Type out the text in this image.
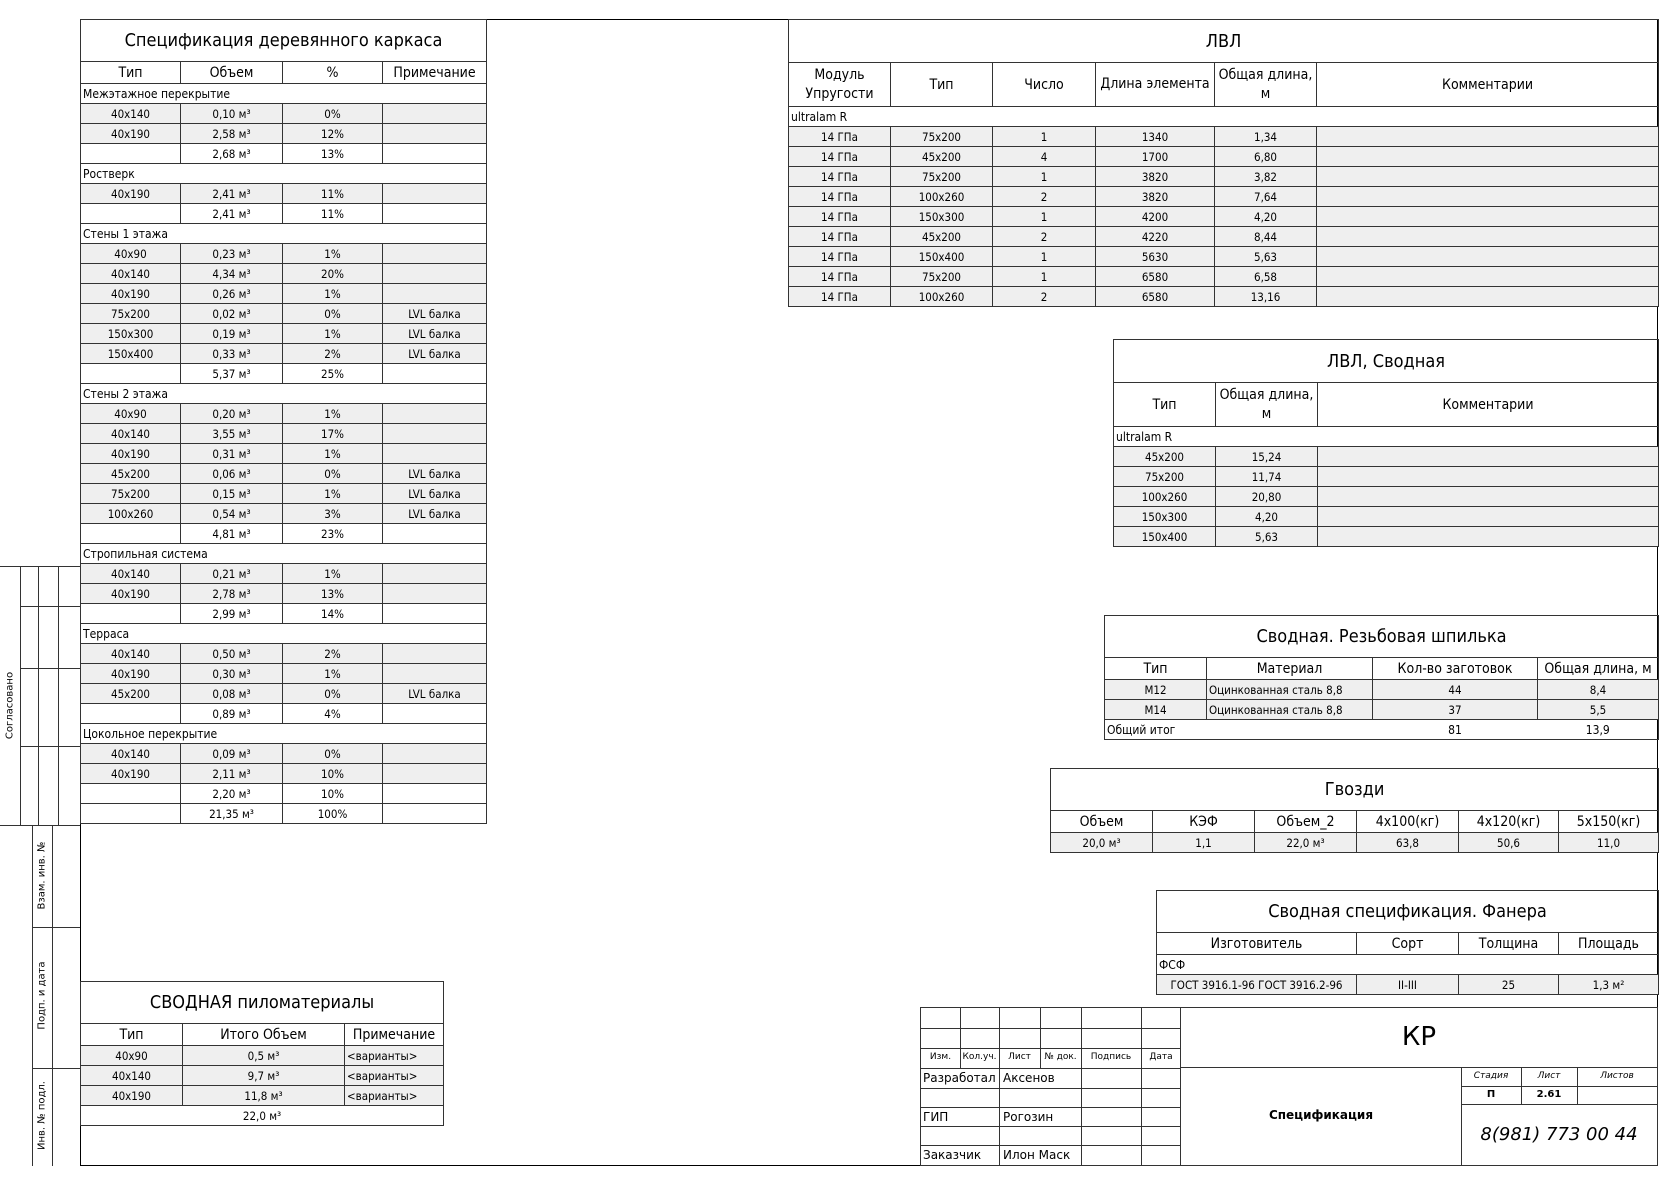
Согласовано
Взам. инв. №
Подп. и дата
Инв. № подл.
Спецификация деревянного каркаса			
Тип	Объем	%	Примечание
Межэтажное перекрытие			
40х140	0,10 м³	0%	
40х190	2,58 м³	12%	
	2,68 м³	13%	
Ростверк			
40х190	2,41 м³	11%	
	2,41 м³	11%	
Стены 1 этажа			
40х90	0,23 м³	1%	
40х140	4,34 м³	20%	
40х190	0,26 м³	1%	
75х200	0,02 м³	0%	LVL балка
150х300	0,19 м³	1%	LVL балка
150х400	0,33 м³	2%	LVL балка
	5,37 м³	25%	
Стены 2 этажа			
40х90	0,20 м³	1%	
40х140	3,55 м³	17%	
40х190	0,31 м³	1%	
45х200	0,06 м³	0%	LVL балка
75х200	0,15 м³	1%	LVL балка
100х260	0,54 м³	3%	LVL балка
	4,81 м³	23%	
Стропильная система			
40х140	0,21 м³	1%	
40х190	2,78 м³	13%	
	2,99 м³	14%	
Терраса			
40х140	0,50 м³	2%	
40х190	0,30 м³	1%	
45х200	0,08 м³	0%	LVL балка
	0,89 м³	4%	
Цокольное перекрытие			
40х140	0,09 м³	0%	
40х190	2,11 м³	10%	
	2,20 м³	10%	
	21,35 м³	100%	
СВОДНАЯ пиломатериалы		
Тип	Итого Объем	Примечание
40х90	0,5 м³	<варианты>
40х140	9,7 м³	<варианты>
40х190	11,8 м³	<варианты>
22,0 м³		
ЛВЛ					
Модуль Упругости	Тип	Число	Длина элемента	Общая длина, м	Комментарии
ultralam R					
14 ГПа	75х200	1	1340	1,34	
14 ГПа	45х200	4	1700	6,80	
14 ГПа	75х200	1	3820	3,82	
14 ГПа	100х260	2	3820	7,64	
14 ГПа	150х300	1	4200	4,20	
14 ГПа	45х200	2	4220	8,44	
14 ГПа	150х400	1	5630	5,63	
14 ГПа	75х200	1	6580	6,58	
14 ГПа	100х260	2	6580	13,16	
ЛВЛ, Сводная		
Тип	Общая длина, м	Комментарии
ultralam R		
45х200	15,24	
75х200	11,74	
100х260	20,80	
150х300	4,20	
150х400	5,63	
Сводная. Резьбовая шпилька			
Тип	Материал	Кол-во заготовок	Общая длина, м
М12	Оцинкованная сталь 8,8	44	8,4
М14	Оцинкованная сталь 8,8	37	5,5
Общий итог		81	13,9
Гвозди					
Объем	КЭФ	Объем_2	4х100(кг)	4х120(кг)	5х150(кг)
20,0 м³	1,1	22,0 м³	63,8	50,6	11,0
Сводная спецификация. Фанера			
Изготовитель	Сорт	Толщина	Площадь
ФСФ			
ГОСТ 3916.1-96 ГОСТ 3916.2-96	II-III	25	1,3 м²
Изм.	Кол.уч.	Лист	№ док.	Подпись	Дата
Разработал Аксенов
ГИП	Рогозин
Заказчик Илон Маск
КР
Спецификация
Стадия	Лист	Листов
П	2.61
8(981) 773 00 44
